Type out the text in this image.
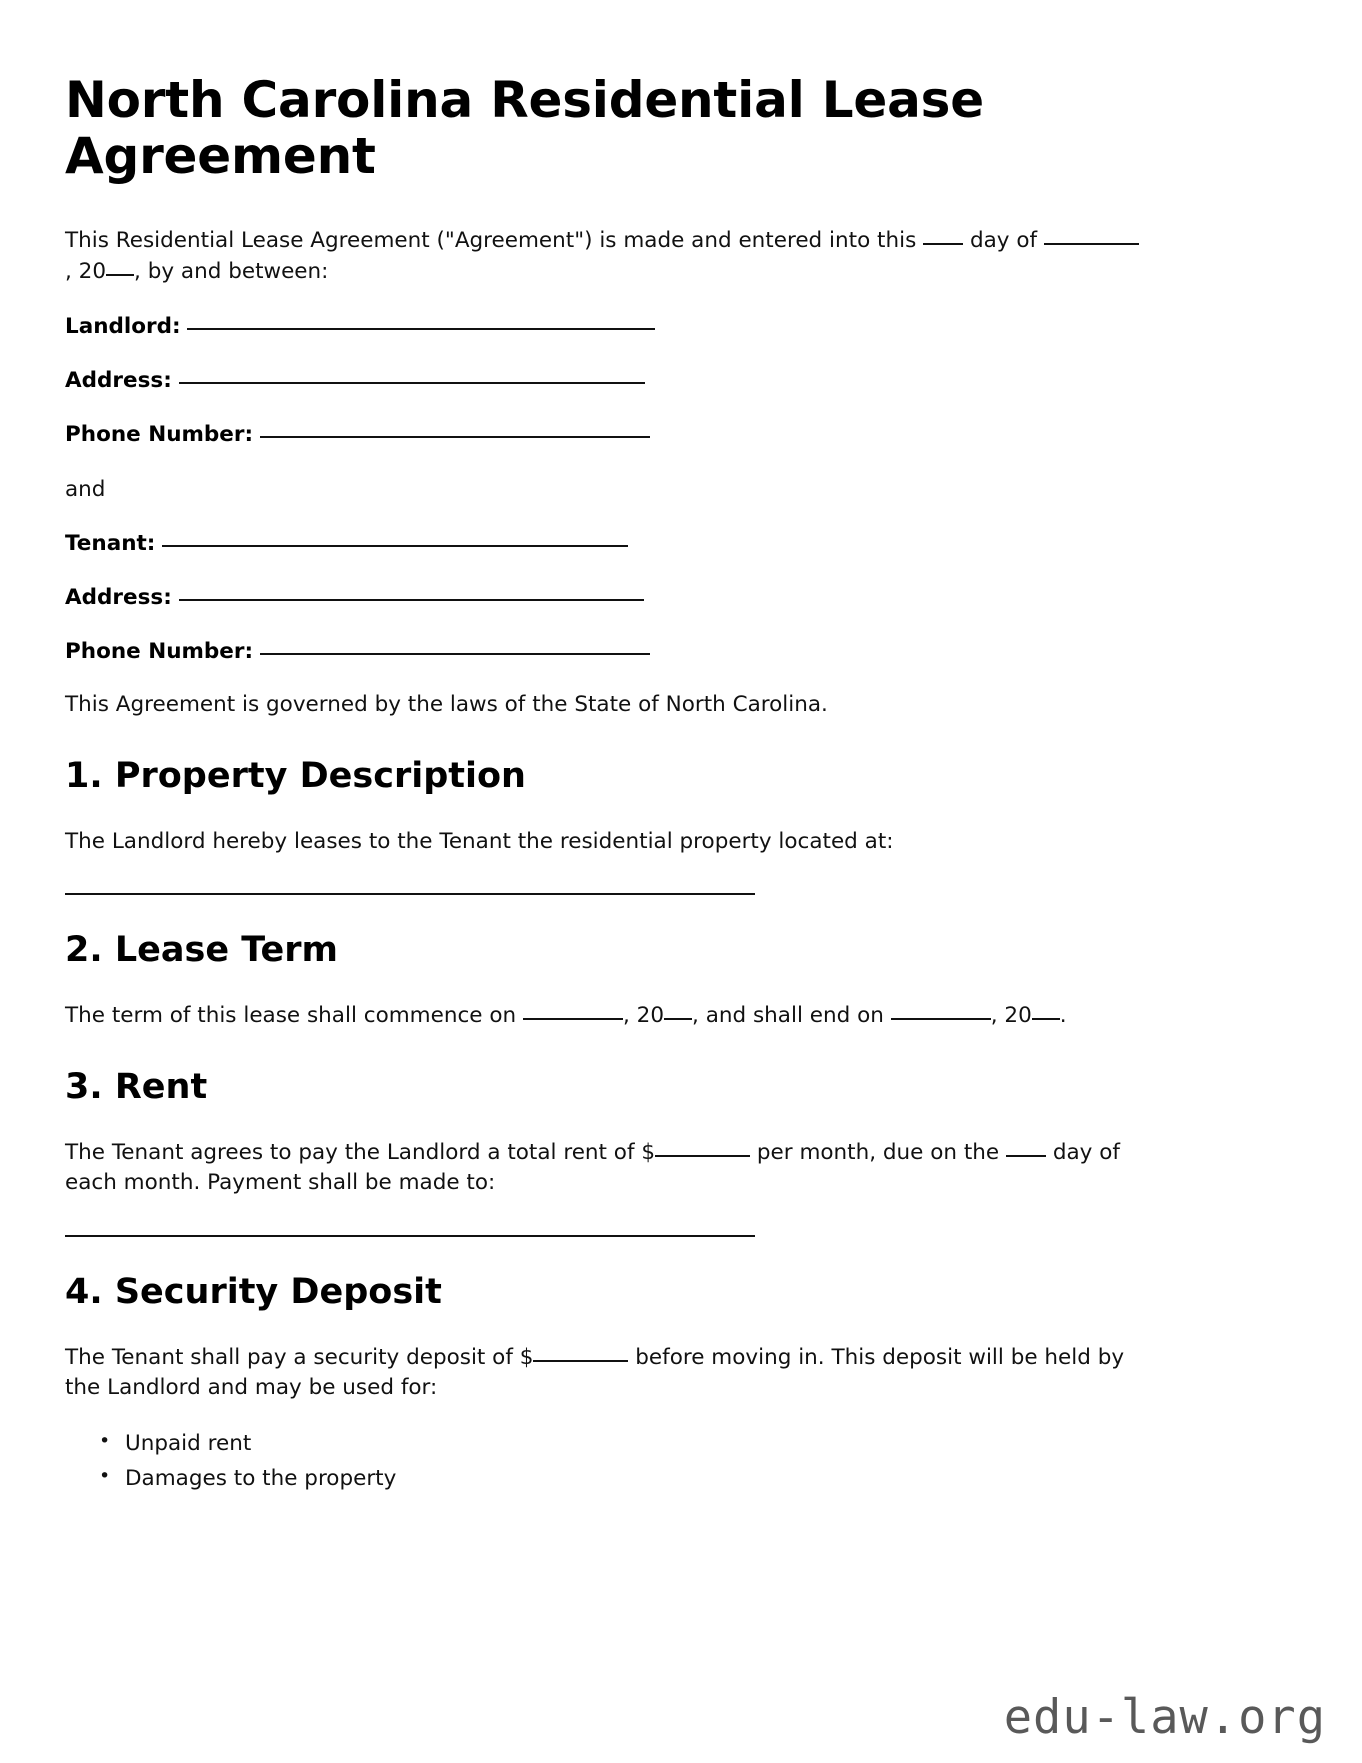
North Carolina Residential Lease Agreement

This Residential Lease Agreement ("Agreement") is made and entered into this day of , 20 , by and between:

Landlord:
Address:
Phone Number:
and
Tenant:
Address:
Phone Number:

This Agreement is governed by the laws of the State of North Carolina.

1. Property Description

The Landlord hereby leases to the Tenant the residential property located at:

2. Lease Term

The term of this lease shall commence on	, 20 , and shall end on	, 20 .

3. Rent

The Tenant agrees to pay the Landlord a total rent of $	per month, due on the day of each month. Payment shall be made to:

4. Security Deposit

The Tenant shall pay a security deposit of $	before moving in. This deposit will be held by the Landlord and may be used for:

• Unpaid rent
• Damages to the property
edu-law.org
